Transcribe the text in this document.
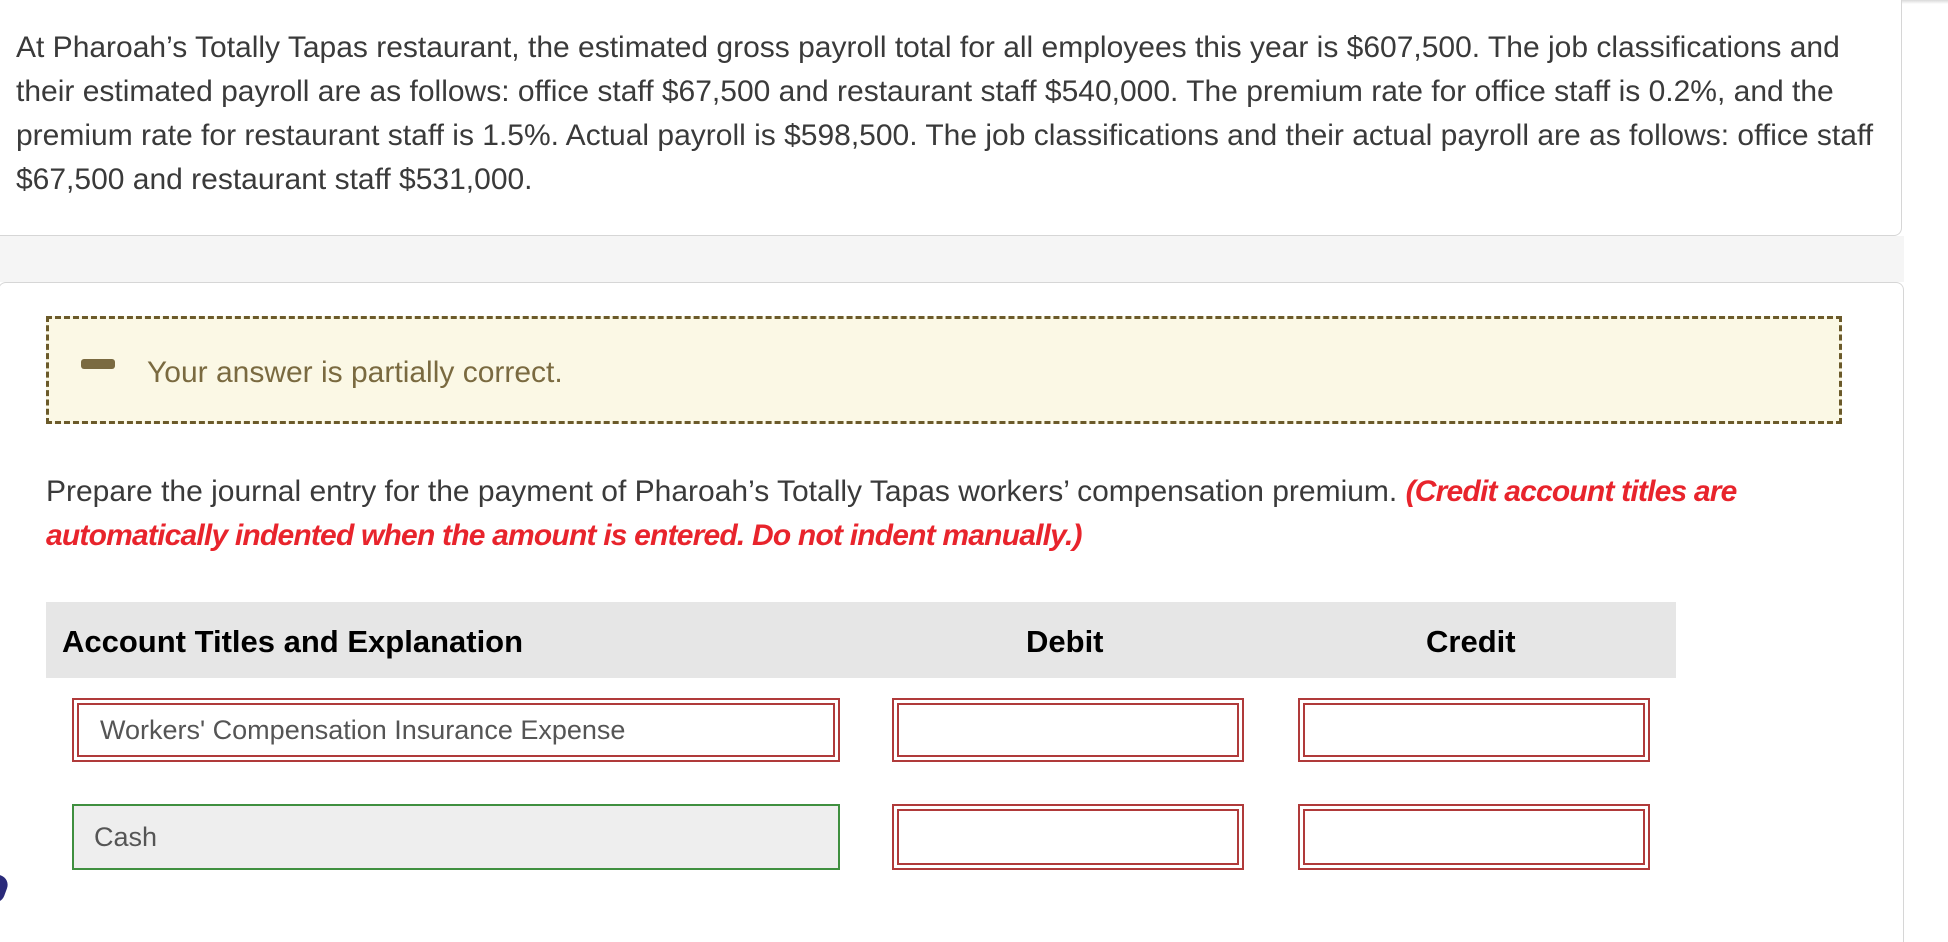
At Pharoah’s Totally Tapas restaurant, the estimated gross payroll total for all employees this year is $607,500. The job classifications and their estimated payroll are as follows: office staff $67,500 and restaurant staff $540,000. The premium rate for office staff is 0.2%, and the premium rate for restaurant staff is 1.5%. Actual payroll is $598,500. The job classifications and their actual payroll are as follows: office staff $67,500 and restaurant staff $531,000.

Your answer is partially correct.

Prepare the journal entry for the payment of Pharoah’s Totally Tapas workers’ compensation premium. (Credit account titles are automatically indented when the amount is entered. Do not indent manually.)

Account Titles and Explanation	Debit	Credit
Workers' Compensation Insurance Expense
Cash
